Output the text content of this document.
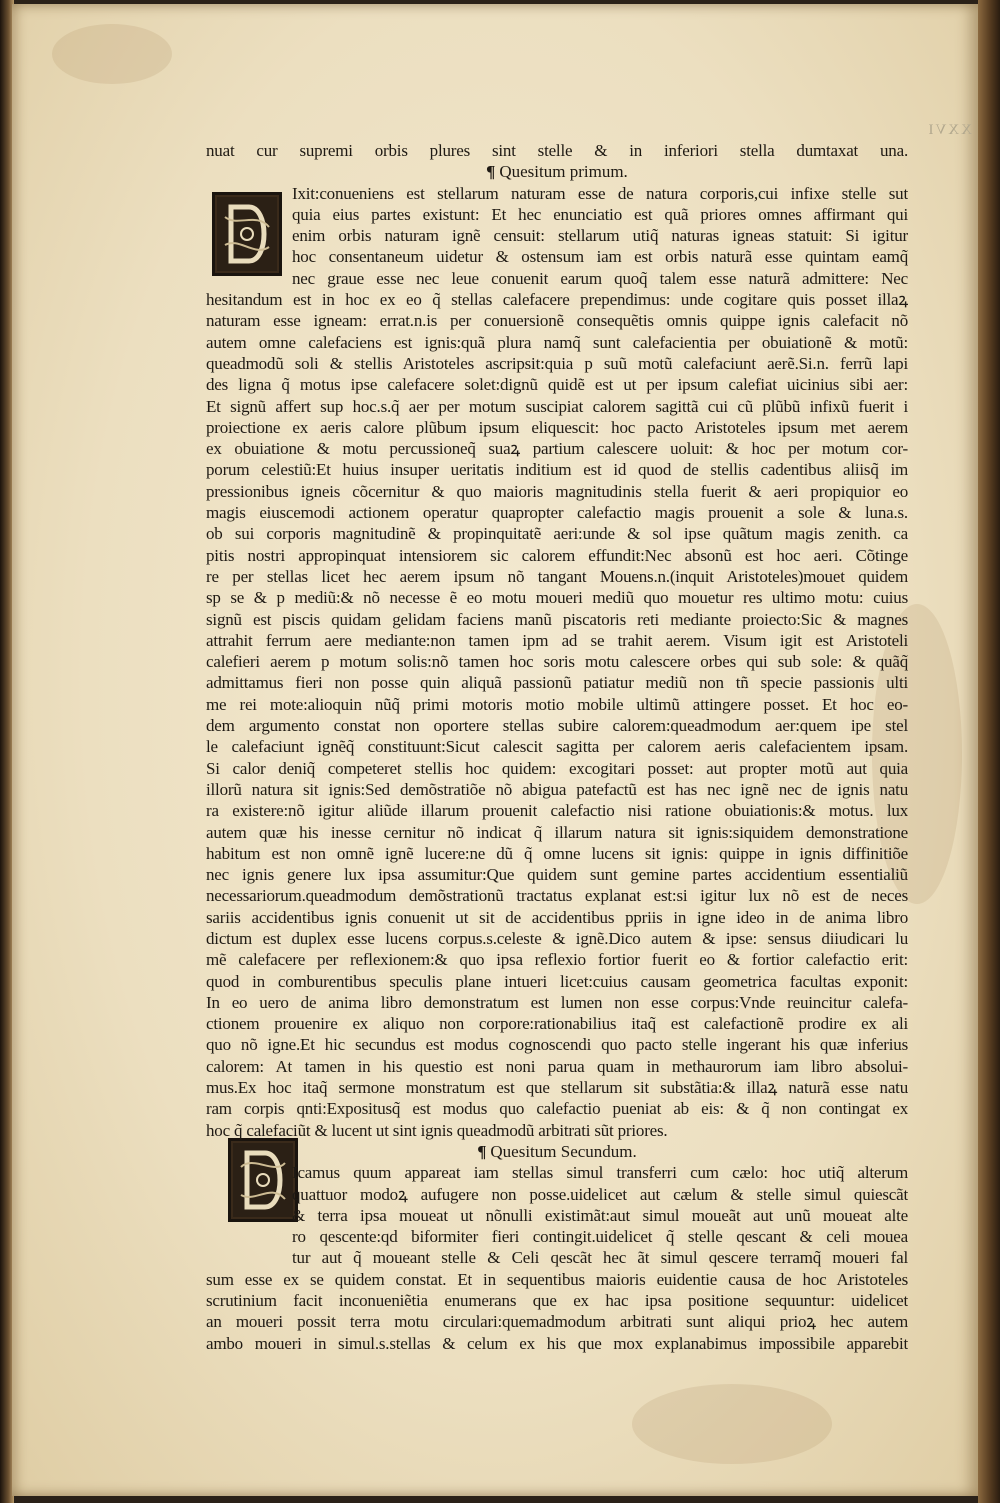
XXVI
nuat cur supremi orbis plures sint stelle & in inferiori stella dumtaxat una.
¶ Quesitum primum.
Ixit:conueniens est stellarum naturam esse de natura corporis,cui infixe stelle sut
quia eius partes existunt: Et hec enunciatio est quã priores omnes affirmant qui
enim orbis naturam ignẽ censuit: stellarum utiq̃ naturas igneas statuit: Si igitur
hoc consentaneum uidetur & ostensum iam est orbis naturã esse quintam eamq̃
nec graue esse nec leue conuenit earum quoq̃ talem esse naturã admittere: Nec
hesitandum est in hoc ex eo q̃ stellas calefacere prependimus: unde cogitare quis posset illaꝝ
naturam esse igneam: errat.n.is per conuersionẽ consequẽtis omnis quippe ignis calefacit nõ
autem omne calefaciens est ignis:quã plura namq̃ sunt calefacientia per obuiationẽ & motũ:
queadmodũ soli & stellis Aristoteles ascripsit:quia p suũ motũ calefaciunt aerẽ.Si.n. ferrũ lapi
des ligna q̃ motus ipse calefacere solet:dignũ quidẽ est ut per ipsum calefiat uicinius sibi aer:
Et signũ affert sup hoc.s.q̃ aer per motum suscipiat calorem sagittã cui cũ plũbũ infixũ fuerit i
proiectione ex aeris calore plũbum ipsum eliquescit: hoc pacto Aristoteles ipsum met aerem
ex obuiatione & motu percussioneq̃ suaꝝ partium calescere uoluit: & hoc per motum cor-
porum celestiũ:Et huius insuper ueritatis inditium est id quod de stellis cadentibus aliisq̃ im
pressionibus igneis cõcernitur & quo maioris magnitudinis stella fuerit & aeri propiquior eo
magis eiuscemodi actionem operatur quapropter calefactio magis prouenit a sole & luna.s.
ob sui corporis magnitudinẽ & propinquitatẽ aeri:unde & sol ipse quãtum magis zenith. ca
pitis nostri appropinquat intensiorem sic calorem effundit:Nec absonũ est hoc aeri. Cõtinge
re per stellas licet hec aerem ipsum nõ tangant Mouens.n.(inquit Aristoteles)mouet quidem
sp se & p mediũ:& nõ necesse ẽ eo motu moueri mediũ quo mouetur res ultimo motu: cuius
signũ est piscis quidam gelidam faciens manũ piscatoris reti mediante proiecto:Sic & magnes
attrahit ferrum aere mediante:non tamen ipm ad se trahit aerem. Visum igit est Aristoteli
calefieri aerem p motum solis:nõ tamen hoc soris motu calescere orbes qui sub sole: & quãq̃
admittamus fieri non posse quin aliquã passionũ patiatur mediũ non tñ specie passionis ulti
me rei mote:alioquin nũq̃ primi motoris motio mobile ultimũ attingere posset. Et hoc eo-
dem argumento constat non oportere stellas subire calorem:queadmodum aer:quem ipe stel
le calefaciunt ignẽq̃ constituunt:Sicut calescit sagitta per calorem aeris calefacientem ipsam.
Si calor deniq̃ competeret stellis hoc quidem: excogitari posset: aut propter motũ aut quia
illorũ natura sit ignis:Sed demõstratiõe nõ abigua patefactũ est has nec ignẽ nec de ignis natu
ra existere:nõ igitur aliũde illarum prouenit calefactio nisi ratione obuiationis:& motus. lux
autem quæ his inesse cernitur nõ indicat q̃ illarum natura sit ignis:siquidem demonstratione
habitum est non omnẽ ignẽ lucere:ne dũ q̃ omne lucens sit ignis: quippe in ignis diffinitiõe
nec ignis genere lux ipsa assumitur:Que quidem sunt gemine partes accidentium essentialiũ
necessariorum.queadmodum demõstrationũ tractatus explanat est:si igitur lux nõ est de neces
sariis accidentibus ignis conuenit ut sit de accidentibus ppriis in igne ideo in de anima libro
dictum est duplex esse lucens corpus.s.celeste & ignẽ.Dico autem & ipse: sensus diiudicari lu
mẽ calefacere per reflexionem:& quo ipsa reflexio fortior fuerit eo & fortior calefactio erit:
quod in comburentibus speculis plane intueri licet:cuius causam geometrica facultas exponit:
In eo uero de anima libro demonstratum est lumen non esse corpus:Vnde reuincitur calefa-
ctionem prouenire ex aliquo non corpore:rationabilius itaq̃ est calefactionẽ prodire ex ali
quo nõ igne.Et hic secundus est modus cognoscendi quo pacto stelle ingerant his quæ inferius
calorem: At tamen in his questio est noni parua quam in methaurorum iam libro absolui-
mus.Ex hoc itaq̃ sermone monstratum est que stellarum sit substãtia:& illaꝝ naturã esse natu
ram corpis qnti:Expositusq̃ est modus quo calefactio pueniat ab eis: & q̃ non contingat ex
hoc q̃ calefaciũt & lucent ut sint ignis queadmodũ arbitrati sũt priores.
¶ Quesitum Secundum.
Icamus quum appareat iam stellas simul transferri cum cælo: hoc utiq̃ alterum
quattuor modoꝝ aufugere non posse.uidelicet aut cælum & stelle simul quiescãt
& terra ipsa moueat ut nõnulli existimãt:aut simul moueãt aut unũ moueat alte
ro qescente:qd biformiter fieri contingit.uidelicet q̃ stelle qescant & celi mouea
tur aut q̃ moueant stelle & Celi qescãt hec ãt simul qescere terramq̃ moueri fal
sum esse ex se quidem constat. Et in sequentibus maioris euidentie causa de hoc Aristoteles
scrutinium facit inconueniẽtia enumerans que ex hac ipsa positione sequuntur: uidelicet
an moueri possit terra motu circulari:quemadmodum arbitrati sunt aliqui prioꝝ hec autem
ambo moueri in simul.s.stellas & celum ex his que mox explanabimus impossibile apparebit
